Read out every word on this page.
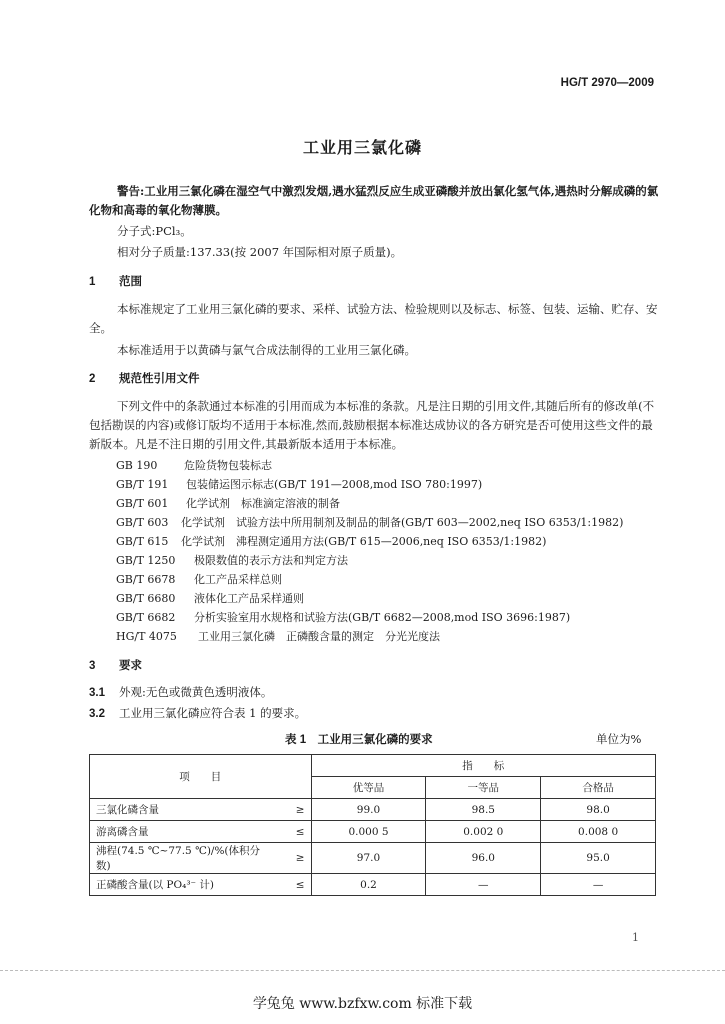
HG/T 2970—2009
工业用三氯化磷
警告:工业用三氯化磷在湿空气中激烈发烟,遇水猛烈反应生成亚磷酸并放出氯化氢气体,遇热时分解成磷的氯化物和高毒的氧化物薄膜。
分子式:PCl₃。
相对分子质量:137.33(按 2007 年国际相对原子质量)。
1 范围
本标准规定了工业用三氯化磷的要求、采样、试验方法、检验规则以及标志、标签、包装、运输、贮存、安全。
本标准适用于以黄磷与氯气合成法制得的工业用三氯化磷。
2 规范性引用文件
下列文件中的条款通过本标准的引用而成为本标准的条款。凡是注日期的引用文件,其随后所有的修改单(不包括勘误的内容)或修订版均不适用于本标准,然而,鼓励根据本标准达成协议的各方研究是否可使用这些文件的最新版本。凡是不注日期的引用文件,其最新版本适用于本标准。
GB 190 危险货物包装标志
GB/T 191 包装储运图示标志(GB/T 191—2008,mod ISO 780:1997)
GB/T 601 化学试剂　标准滴定溶液的制备
GB/T 603 化学试剂　试验方法中所用制剂及制品的制备(GB/T 603—2002,neq ISO 6353/1:1982)
GB/T 615 化学试剂　沸程测定通用方法(GB/T 615—2006,neq ISO 6353/1:1982)
GB/T 1250 极限数值的表示方法和判定方法
GB/T 6678 化工产品采样总则
GB/T 6680 液体化工产品采样通则
GB/T 6682 分析实验室用水规格和试验方法(GB/T 6682—2008,mod ISO 3696:1987)
HG/T 4075 工业用三氯化磷　正磷酸含量的测定　分光光度法
3 要求
3.1 外观:无色或微黄色透明液体。
3.2 工业用三氯化磷应符合表 1 的要求。
表 1　工业用三氯化磷的要求	单位为%
项　　目		指　　标		
		优等品	一等品	合格品
三氯化磷含量	≥	99.0	98.5	98.0
游离磷含量	≤	0.000 5	0.002 0	0.008 0
沸程(74.5 ℃~77.5 ℃)/%(体积分数)	≥	97.0	96.0	95.0
正磷酸含量(以 PO₄³⁻ 计)	≤	0.2	—	—
1
学兔兔 www.bzfxw.com 标准下载
